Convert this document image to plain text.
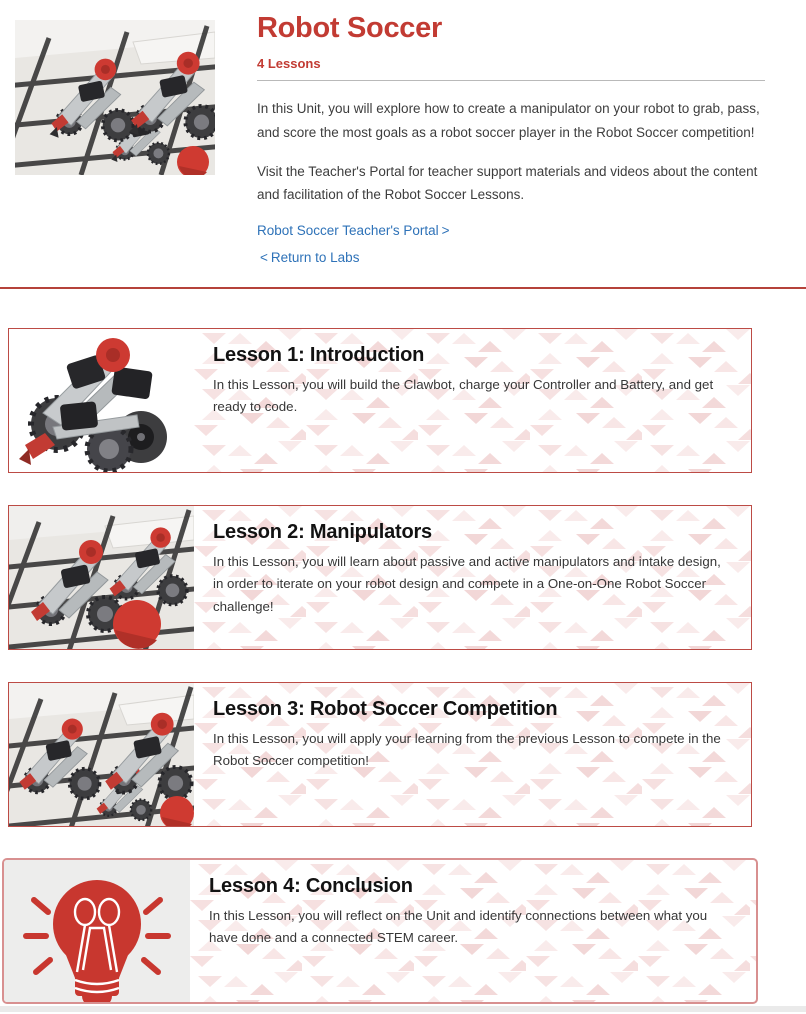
Robot Soccer
4 Lessons

In this Unit, you will explore how to create a manipulator on your robot to grab, pass, and score the most goals as a robot soccer player in the Robot Soccer competition!

Visit the Teacher's Portal for teacher support materials and videos about the content and facilitation of the Robot Soccer Lessons.

Robot Soccer Teacher's Portal >
< Return to Labs
Lesson 1: Introduction
In this Lesson, you will build the Clawbot, charge your Controller and Battery, and get ready to code.
Lesson 2: Manipulators
In this Lesson, you will learn about passive and active manipulators and intake design, in order to iterate on your robot design and compete in a One-on-One Robot Soccer challenge!
Lesson 3: Robot Soccer Competition
In this Lesson, you will apply your learning from the previous Lesson to compete in the Robot Soccer competition!
Lesson 4: Conclusion
In this Lesson, you will reflect on the Unit and identify connections between what you have done and a connected STEM career.
